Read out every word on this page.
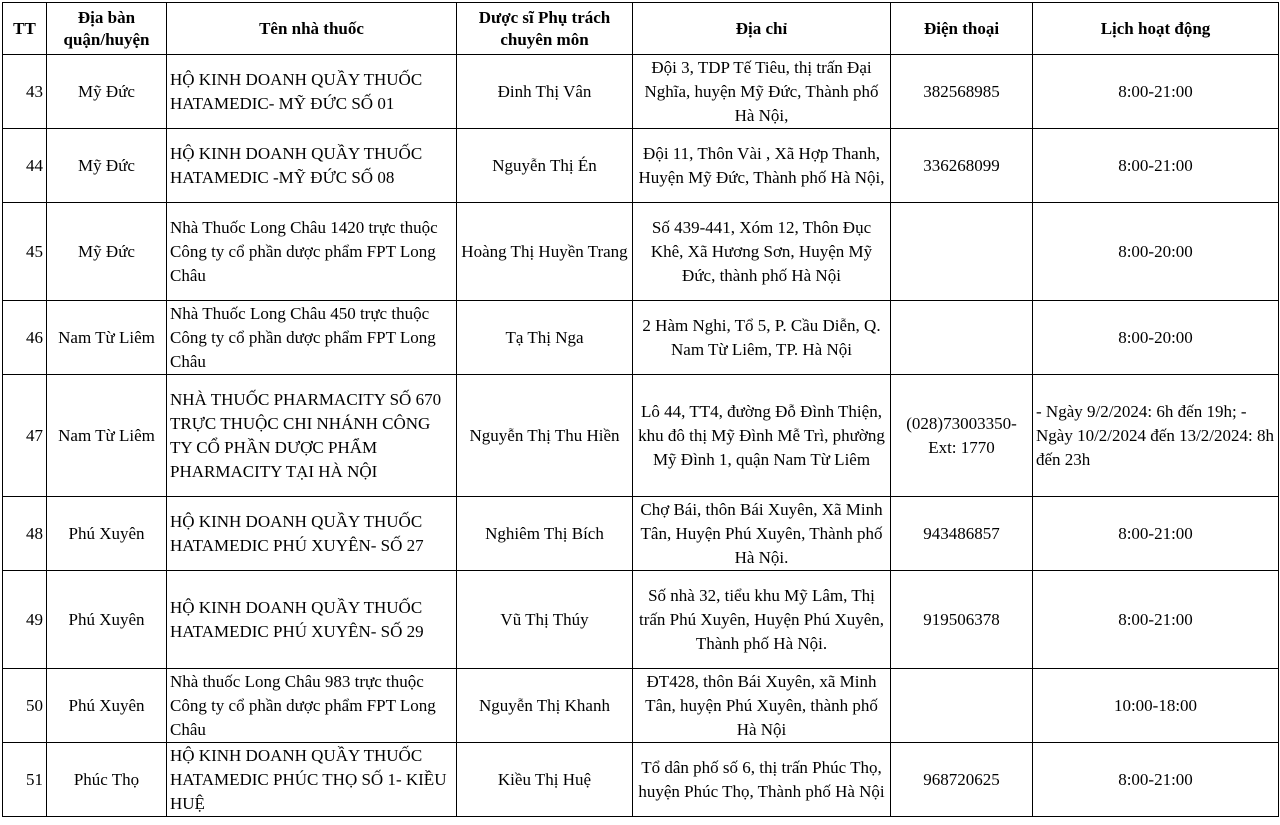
TT	Địa bàn quận/huyện	Tên nhà thuốc	Dược sĩ Phụ trách chuyên môn	Địa chỉ	Điện thoại	Lịch hoạt động
43	Mỹ Đức	HỘ KINH DOANH QUẦY THUỐC HATAMEDIC- MỸ ĐỨC SỐ 01	Đinh Thị Vân	Đội 3, TDP Tế Tiêu, thị trấn Đại Nghĩa, huyện Mỹ Đức, Thành phố Hà Nội,	382568985	8:00-21:00
44	Mỹ Đức	HỘ KINH DOANH QUẦY THUỐC HATAMEDIC -MỸ ĐỨC SỐ 08	Nguyễn Thị Én	Đội 11, Thôn Vài , Xã Hợp Thanh, Huyện Mỹ Đức, Thành phố Hà Nội,	336268099	8:00-21:00
45	Mỹ Đức	Nhà Thuốc Long Châu 1420 trực thuộc Công ty cổ phần dược phẩm FPT Long Châu	Hoàng Thị Huyền Trang	Số 439-441, Xóm 12, Thôn Đục Khê, Xã Hương Sơn, Huyện Mỹ Đức, thành phố Hà Nội		8:00-20:00
46	Nam Từ Liêm	Nhà Thuốc Long Châu 450 trực thuộc Công ty cổ phần dược phẩm FPT Long Châu	Tạ Thị Nga	2 Hàm Nghi, Tổ 5, P. Cầu Diễn, Q. Nam Từ Liêm, TP. Hà Nội		8:00-20:00
47	Nam Từ Liêm	NHÀ THUỐC PHARMACITY SỐ 670 TRỰC THUỘC CHI NHÁNH CÔNG TY CỔ PHẦN DƯỢC PHẨM PHARMACITY TẠI HÀ NỘI	Nguyễn Thị Thu Hiền	Lô 44, TT4, đường Đỗ Đình Thiện, khu đô thị Mỹ Đình Mễ Trì, phường Mỹ Đình 1, quận Nam Từ Liêm	(028)73003350- Ext: 1770	- Ngày 9/2/2024: 6h đến 19h; - Ngày 10/2/2024 đến 13/2/2024: 8h đến 23h
48	Phú Xuyên	HỘ KINH DOANH QUẦY THUỐC HATAMEDIC PHÚ XUYÊN- SỐ 27	Nghiêm Thị Bích	Chợ Bái, thôn Bái Xuyên, Xã Minh Tân, Huyện Phú Xuyên, Thành phố Hà Nội.	943486857	8:00-21:00
49	Phú Xuyên	HỘ KINH DOANH QUẦY THUỐC HATAMEDIC PHÚ XUYÊN- SỐ 29	Vũ Thị Thúy	Số nhà 32, tiểu khu Mỹ Lâm, Thị trấn Phú Xuyên, Huyện Phú Xuyên, Thành phố Hà Nội.	919506378	8:00-21:00
50	Phú Xuyên	Nhà thuốc Long Châu 983 trực thuộc Công ty cổ phần dược phẩm FPT Long Châu	Nguyễn Thị Khanh	ĐT428, thôn Bái Xuyên, xã Minh Tân, huyện Phú Xuyên, thành phố Hà Nội		10:00-18:00
51	Phúc Thọ	HỘ KINH DOANH QUẦY THUỐC HATAMEDIC PHÚC THỌ SỐ 1- KIỀU HUỆ	Kiều Thị Huệ	Tổ dân phố số 6, thị trấn Phúc Thọ, huyện Phúc Thọ, Thành phố Hà Nội	968720625	8:00-21:00
